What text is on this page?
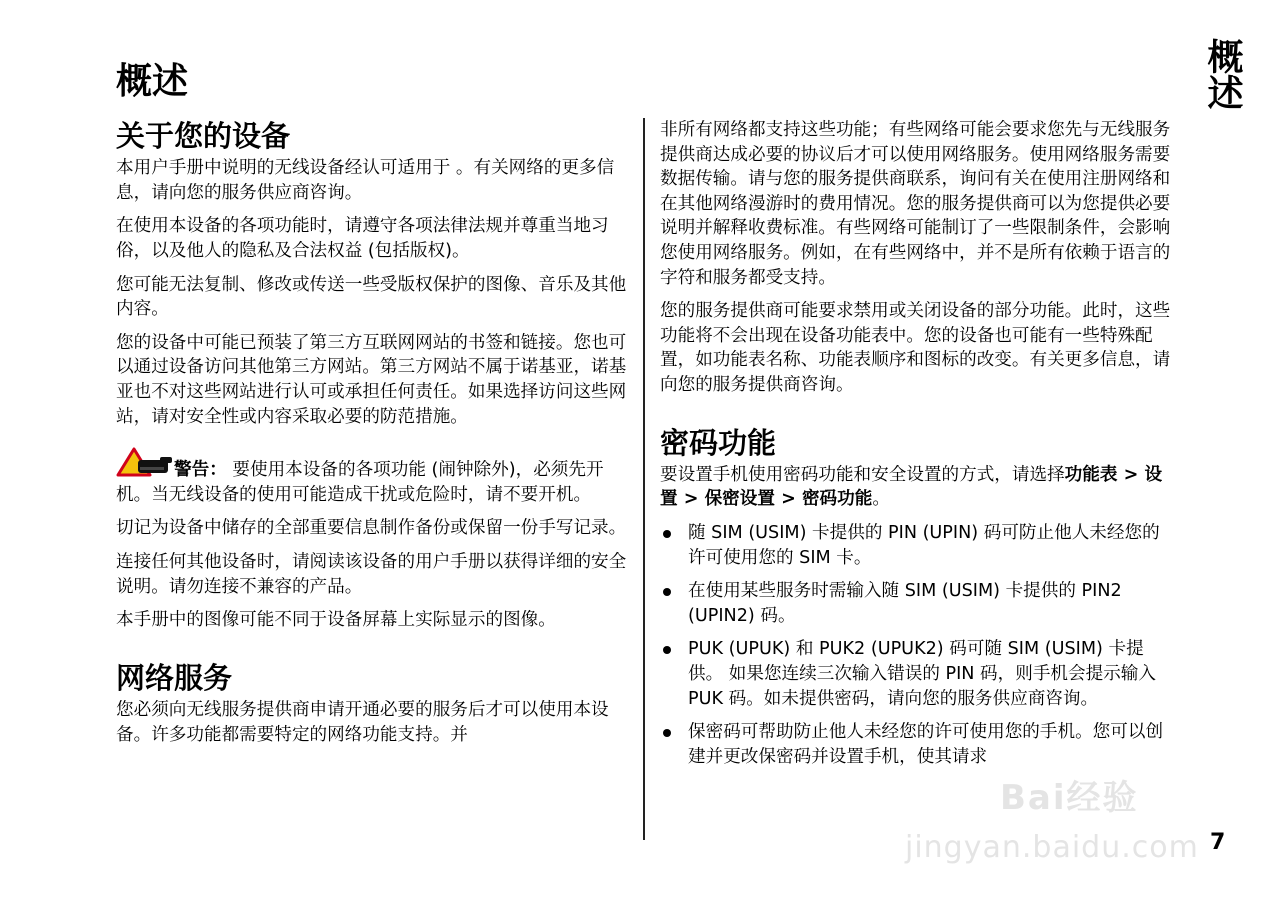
概述	概述
关于您的设备

本用户手册中说明的无线设备经认可适用于 。有关网络的更多信息，请向您的服务供应商咨询。

在使用本设备的各项功能时，请遵守各项法律法规并尊重当地习俗，以及他人的隐私及合法权益 (包括版权)。

您可能无法复制、修改或传送一些受版权保护的图像、音乐及其他内容。

您的设备中可能已预装了第三方互联网网站的书签和链接。您也可以通过设备访问其他第三方网站。第三方网站不属于诺基亚，诺基亚也不对这些网站进行认可或承担任何责任。如果选择访问这些网站，请对安全性或内容采取必要的防范措施。

警告： 要使用本设备的各项功能 (闹钟除外)，必须先开机。当无线设备的使用可能造成干扰或危险时，请不要开机。

切记为设备中储存的全部重要信息制作备份或保留一份手写记录。

连接任何其他设备时，请阅读该设备的用户手册以获得详细的安全说明。请勿连接不兼容的产品。

本手册中的图像可能不同于设备屏幕上实际显示的图像。

网络服务

您必须向无线服务提供商申请开通必要的服务后才可以使用本设备。许多功能都需要特定的网络功能支持。并

非所有网络都支持这些功能；有些网络可能会要求您先与无线服务提供商达成必要的协议后才可以使用网络服务。使用网络服务需要数据传输。请与您的服务提供商联系，询问有关在使用注册网络和在其他网络漫游时的费用情况。您的服务提供商可以为您提供必要说明并解释收费标准。有些网络可能制订了一些限制条件，会影响您使用网络服务。例如，在有些网络中，并不是所有依赖于语言的字符和服务都受支持。

您的服务提供商可能要求禁用或关闭设备的部分功能。此时，这些功能将不会出现在设备功能表中。您的设备也可能有一些特殊配置，如功能表名称、功能表顺序和图标的改变。有关更多信息，请向您的服务提供商咨询。

密码功能

要设置手机使用密码功能和安全设置的方式，请选择功能表 > 设置 > 保密设置 > 密码功能。

随 SIM (USIM) 卡提供的 PIN (UPIN) 码可防止他人未经您的许可使用您的 SIM 卡。
在使用某些服务时需输入随 SIM (USIM) 卡提供的 PIN2 (UPIN2) 码。
PUK (UPUK) 和 PUK2 (UPUK2) 码可随 SIM (USIM) 卡提供。 如果您连续三次输入错误的 PIN 码，则手机会提示输入 PUK 码。如未提供密码，请向您的服务供应商咨询。
保密码可帮助防止他人未经您的许可使用您的手机。您可以创建并更改保密码并设置手机，使其请求
7
Bai经验
jingyan.baidu.com
